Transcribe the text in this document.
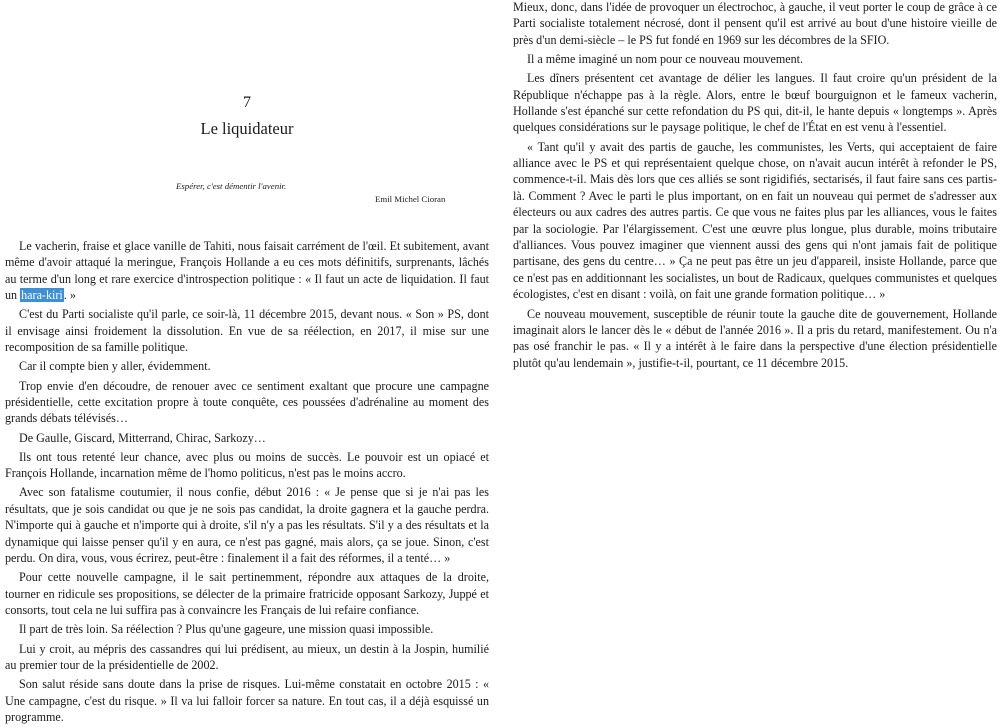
7
Le liquidateur
Espérer, c'est démentir l'avenir.
Emil Michel Cioran

Le vacherin, fraise et glace vanille de Tahiti, nous faisait carrément de l'œil. Et subitement, avant même d'avoir attaqué la meringue, François Hollande a eu ces mots définitifs, surprenants, lâchés au terme d'un long et rare exercice d'introspection politique : « Il faut un acte de liquidation. Il faut un hara-kiri. »

C'est du Parti socialiste qu'il parle, ce soir-là, 11 décembre 2015, devant nous. « Son » PS, dont il envisage ainsi froidement la dissolution. En vue de sa réélection, en 2017, il mise sur une recomposition de sa famille politique.

Car il compte bien y aller, évidemment.

Trop envie d'en découdre, de renouer avec ce sentiment exaltant que procure une campagne présidentielle, cette excitation propre à toute conquête, ces poussées d'adrénaline au moment des grands débats télévisés…

De Gaulle, Giscard, Mitterrand, Chirac, Sarkozy…

Ils ont tous retenté leur chance, avec plus ou moins de succès. Le pouvoir est un opiacé et François Hollande, incarnation même de l'homo politicus, n'est pas le moins accro.

Avec son fatalisme coutumier, il nous confie, début 2016 : « Je pense que si je n'ai pas les résultats, que je sois candidat ou que je ne sois pas candidat, la droite gagnera et la gauche perdra. N'importe qui à gauche et n'importe qui à droite, s'il n'y a pas les résultats. S'il y a des résultats et la dynamique qui laisse penser qu'il y en aura, ce n'est pas gagné, mais alors, ça se joue. Sinon, c'est perdu. On dira, vous, vous écrirez, peut-être : finalement il a fait des réformes, il a tenté… »

Pour cette nouvelle campagne, il le sait pertinemment, répondre aux attaques de la droite, tourner en ridicule ses propositions, se délecter de la primaire fratricide opposant Sarkozy, Juppé et consorts, tout cela ne lui suffira pas à convaincre les Français de lui refaire confiance.

Il part de très loin. Sa réélection ? Plus qu'une gageure, une mission quasi impossible.

Lui y croit, au mépris des cassandres qui lui prédisent, au mieux, un destin à la Jospin, humilié au premier tour de la présidentielle de 2002.

Son salut réside sans doute dans la prise de risques. Lui-même constatait en octobre 2015 : « Une campagne, c'est du risque. » Il va lui falloir forcer sa nature. En tout cas, il a déjà esquissé un programme.

Mieux, donc, dans l'idée de provoquer un électrochoc, à gauche, il veut porter le coup de grâce à ce Parti socialiste totalement nécrosé, dont il pensent qu'il est arrivé au bout d'une histoire vieille de près d'un demi-siècle – le PS fut fondé en 1969 sur les décombres de la SFIO.

Il a même imaginé un nom pour ce nouveau mouvement.

Les dîners présentent cet avantage de délier les langues. Il faut croire qu'un président de la République n'échappe pas à la règle. Alors, entre le bœuf bourguignon et le fameux vacherin, Hollande s'est épanché sur cette refondation du PS qui, dit-il, le hante depuis « longtemps ». Après quelques considérations sur le paysage politique, le chef de l'État en est venu à l'essentiel.

« Tant qu'il y avait des partis de gauche, les communistes, les Verts, qui acceptaient de faire alliance avec le PS et qui représentaient quelque chose, on n'avait aucun intérêt à refonder le PS, commence-t-il. Mais dès lors que ces alliés se sont rigidifiés, sectarisés, il faut faire sans ces partis-là. Comment ? Avec le parti le plus important, on en fait un nouveau qui permet de s'adresser aux électeurs ou aux cadres des autres partis. Ce que vous ne faites plus par les alliances, vous le faites par la sociologie. Par l'élargissement. C'est une œuvre plus longue, plus durable, moins tributaire d'alliances. Vous pouvez imaginer que viennent aussi des gens qui n'ont jamais fait de politique partisane, des gens du centre… » Ça ne peut pas être un jeu d'appareil, insiste Hollande, parce que ce n'est pas en additionnant les socialistes, un bout de Radicaux, quelques communistes et quelques écologistes, c'est en disant : voilà, on fait une grande formation politique… »

Ce nouveau mouvement, susceptible de réunir toute la gauche dite de gouvernement, Hollande imaginait alors le lancer dès le « début de l'année 2016 ». Il a pris du retard, manifestement. Ou n'a pas osé franchir le pas. « Il y a intérêt à le faire dans la perspective d'une élection présidentielle plutôt qu'au lendemain », justifie-t-il, pourtant, ce 11 décembre 2015.
